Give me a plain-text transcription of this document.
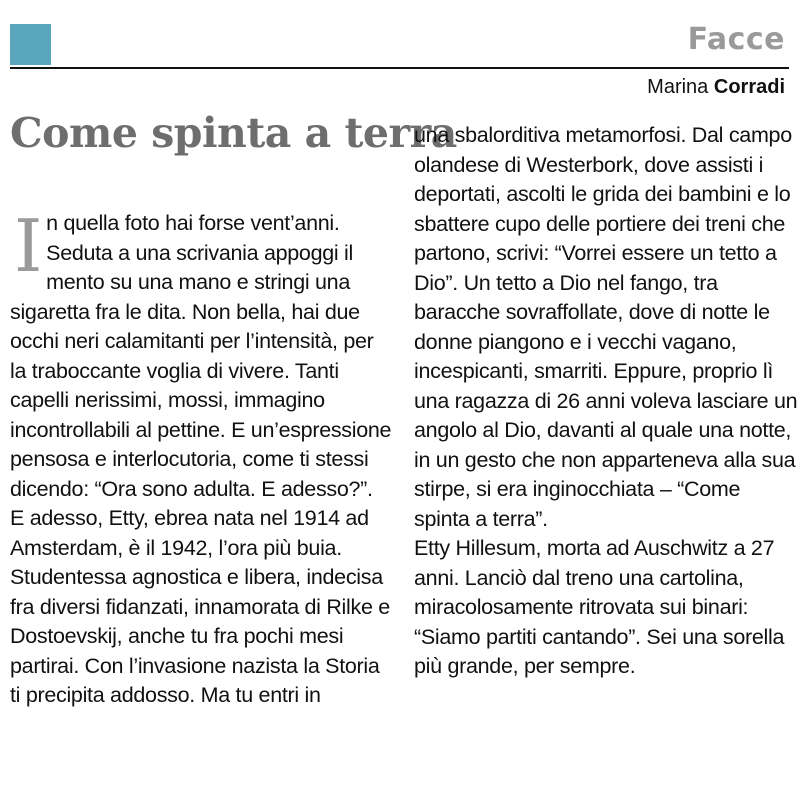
Facce
Marina Corradi
Come spinta a terra

In quella foto hai forse vent’anni. Seduta a una scrivania appoggi il mento su una mano e stringi una sigaretta fra le dita. Non bella, hai due occhi neri calamitanti per l’intensità, per la traboccante voglia di vivere. Tanti capelli nerissimi, mossi, immagino incontrollabili al pettine. E un’espressione pensosa e interlocutoria, come ti stessi dicendo: “Ora sono adulta. E adesso?”.

E adesso, Etty, ebrea nata nel 1914 ad Amsterdam, è il 1942, l’ora più buia. Studentessa agnostica e libera, indecisa fra diversi fidanzati, innamorata di Rilke e Dostoevskij, anche tu fra pochi mesi partirai. Con l’invasione nazista la Storia ti precipita addosso. Ma tu entri in

una sbalorditiva metamorfosi. Dal campo olandese di Westerbork, dove assisti i deportati, ascolti le grida dei bambini e lo sbattere cupo delle portiere dei treni che partono, scrivi: “Vorrei essere un tetto a Dio”. Un tetto a Dio nel fango, tra baracche sovraffollate, dove di notte le donne piangono e i vecchi vagano, incespicanti, smarriti. Eppure, proprio lì una ragazza di 26 anni voleva lasciare un angolo al Dio, davanti al quale una notte, in un gesto che non apparteneva alla sua stirpe, si era inginocchiata – “Come spinta a terra”.

Etty Hillesum, morta ad Auschwitz a 27 anni. Lanciò dal treno una cartolina, miracolosamente ritrovata sui binari: “Siamo partiti cantando”. Sei una sorella più grande, per sempre.
